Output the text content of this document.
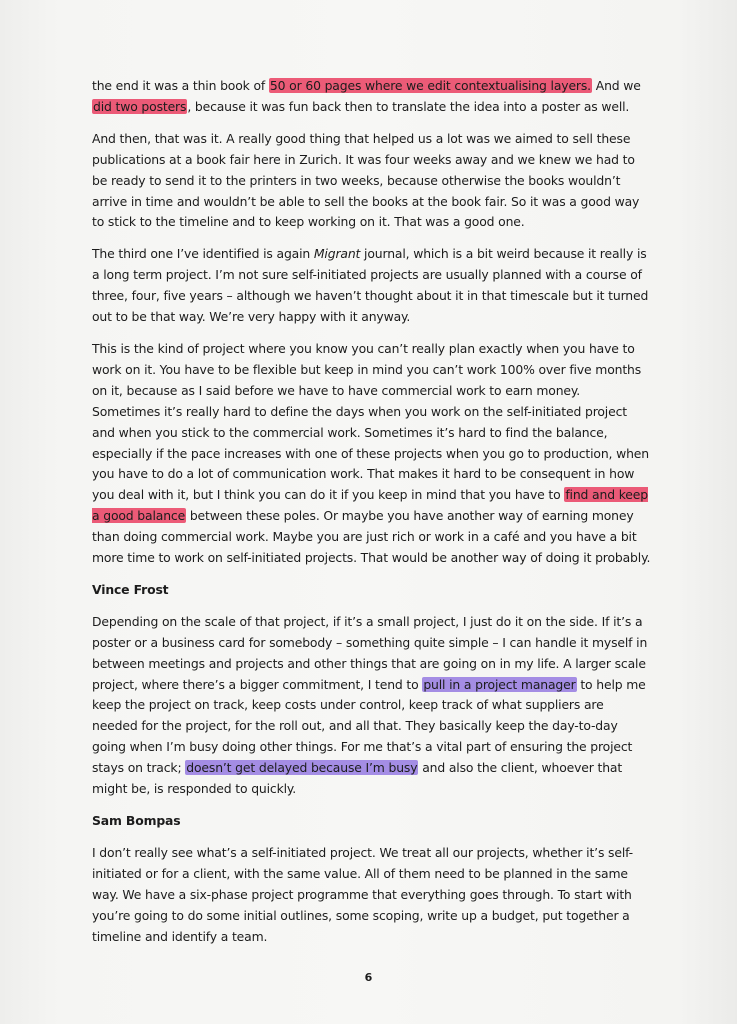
the end it was a thin book of 50 or 60 pages where we edit contextualising layers. And we did two posters, because it was fun back then to translate the idea into a poster as well.

And then, that was it. A really good thing that helped us a lot was we aimed to sell these publications at a book fair here in Zurich. It was four weeks away and we knew we had to be ready to send it to the printers in two weeks, because otherwise the books wouldn’t arrive in time and wouldn’t be able to sell the books at the book fair. So it was a good way to stick to the timeline and to keep working on it. That was a good one.

The third one I’ve identified is again Migrant journal, which is a bit weird because it really is a long term project. I’m not sure self-initiated projects are usually planned with a course of three, four, five years – although we haven’t thought about it in that timescale but it turned out to be that way. We’re very happy with it anyway.

This is the kind of project where you know you can’t really plan exactly when you have to work on it. You have to be flexible but keep in mind you can’t work 100% over five months on it, because as I said before we have to have commercial work to earn money. Sometimes it’s really hard to define the days when you work on the self-initiated project and when you stick to the commercial work. Sometimes it’s hard to find the balance, especially if the pace increases with one of these projects when you go to production, when you have to do a lot of communication work. That makes it hard to be consequent in how you deal with it, but I think you can do it if you keep in mind that you have to find and keep a good balance between these poles. Or maybe you have another way of earning money than doing commercial work. Maybe you are just rich or work in a café and you have a bit more time to work on self-initiated projects. That would be another way of doing it probably.

Vince Frost

Depending on the scale of that project, if it’s a small project, I just do it on the side. If it’s a poster or a business card for somebody – something quite simple – I can handle it myself in between meetings and projects and other things that are going on in my life. A larger scale project, where there’s a bigger commitment, I tend to pull in a project manager to help me keep the project on track, keep costs under control, keep track of what suppliers are needed for the project, for the roll out, and all that. They basically keep the day-to-day going when I’m busy doing other things. For me that’s a vital part of ensuring the project stays on track; doesn’t get delayed because I’m busy and also the client, whoever that might be, is responded to quickly.

Sam Bompas

I don’t really see what’s a self-initiated project. We treat all our projects, whether it’s self-initiated or for a client, with the same value. All of them need to be planned in the same way. We have a six-phase project programme that everything goes through. To start with you’re going to do some initial outlines, some scoping, write up a budget, put together a timeline and identify a team.

6
